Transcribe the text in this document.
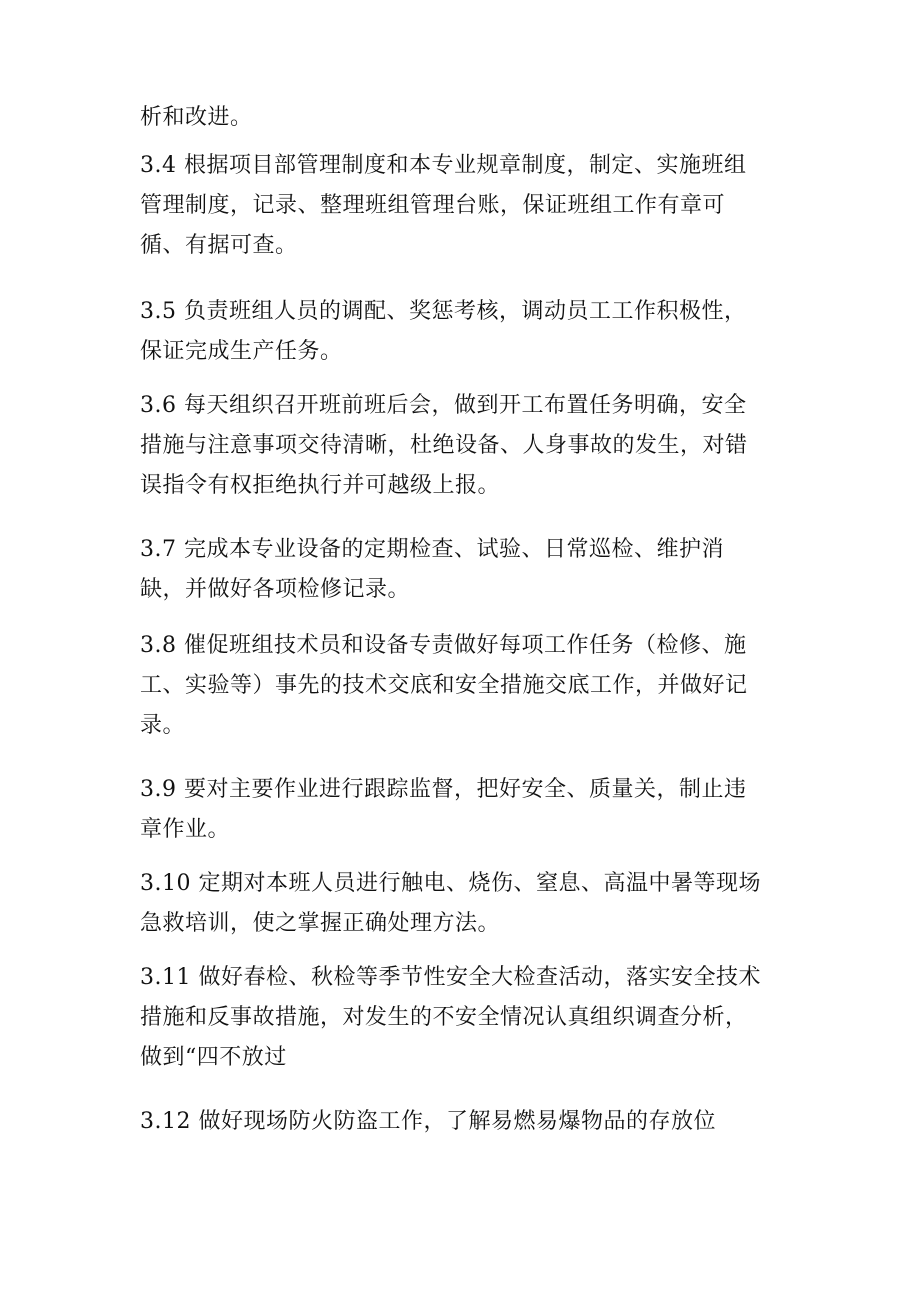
析和改进。

3.4 根据项目部管理制度和本专业规章制度，制定、实施班组
管理制度，记录、整理班组管理台账，保证班组工作有章可
循、有据可查。

3.5 负责班组人员的调配、奖惩考核，调动员工工作积极性，
保证完成生产任务。

3.6 每天组织召开班前班后会，做到开工布置任务明确，安全
措施与注意事项交待清晰，杜绝设备、人身事故的发生，对错
误指令有权拒绝执行并可越级上报。

3.7 完成本专业设备的定期检查、试验、日常巡检、维护消
缺，并做好各项检修记录。

3.8 催促班组技术员和设备专责做好每项工作任务（检修、施
工、实验等）事先的技术交底和安全措施交底工作，并做好记
录。

3.9 要对主要作业进行跟踪监督，把好安全、质量关，制止违
章作业。

3.10 定期对本班人员进行触电、烧伤、窒息、高温中暑等现场
急救培训，使之掌握正确处理方法。

3.11 做好春检、秋检等季节性安全大检查活动，落实安全技术
措施和反事故措施，对发生的不安全情况认真组织调查分析，
做到“四不放过

3.12 做好现场防火防盗工作，了解易燃易爆物品的存放位
